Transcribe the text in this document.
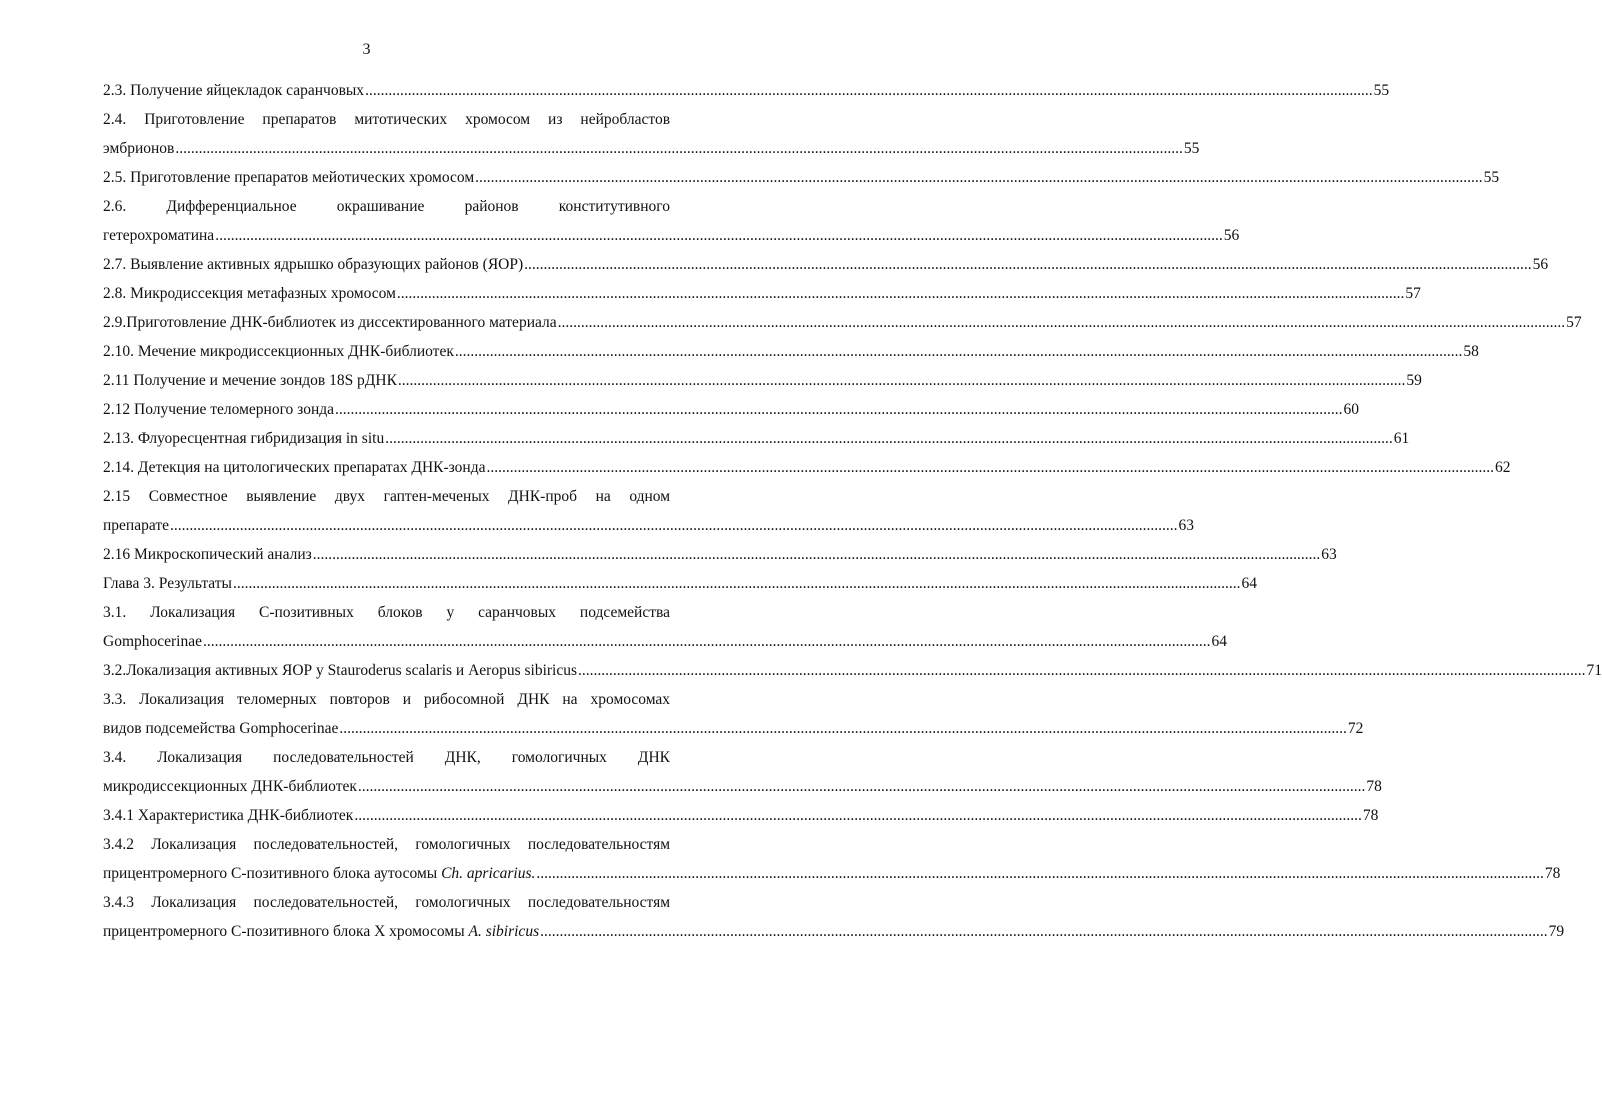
3
2.3. Получение яйцекладок саранчовых .....	55
2.4. Приготовление препаратов митотических хромосом из нейробластов
эмбрионов .....	55
2.5. Приготовление препаратов мейотических хромосом .....	55
2.6.	Дифференциальное	окрашивание	районов	конститутивного
гетерохроматина .....	56
2.7. Выявление активных ядрышко образующих районов (ЯОР) .....	56
2.8. Микродиссекция метафазных хромосом .....	57
2.9.Приготовление ДНК-библиотек из диссектированного материала .....	57
2.10. Мечение микродиссекционных ДНК-библиотек .....	58
2.11 Получение и мечение зондов 18S рДНК .....	59
2.12 Получение теломерного зонда .....	60
2.13. Флуоресцентная гибридизация in situ .....	61
2.14. Детекция на цитологических препаратах ДНК-зонда .....	62
2.15 Совместное выявление двух гаптен-меченых ДНК-проб на одном
препарате .....	63
2.16 Микроскопический анализ .....	63
Глава 3. Результаты .....	64
3.1. Локализация С-позитивных блоков у саранчовых подсемейства
Gomphocerinae .....	64
3.2.Локализация активных ЯОР у Stauroderus scalaris и Aeropus sibiricus .....	71
3.3. Локализация теломерных повторов и рибосомной ДНК на хромосомах
видов подсемейства Gomphocerinae .....	72
3.4. Локализация последовательностей ДНК, гомологичных ДНК
микродиссекционных ДНК-библиотек .....	78
3.4.1 Характеристика ДНК-библиотек .....	78
3.4.2 Локализация последовательностей, гомологичных последовательностям
прицентромерного С-позитивного блока аутосомы Ch. apricarius. .....	78
3.4.3 Локализация последовательностей, гомологичных последовательностям
прицентромерного С-позитивного блока Х хромосомы A. sibiricus .....	79
